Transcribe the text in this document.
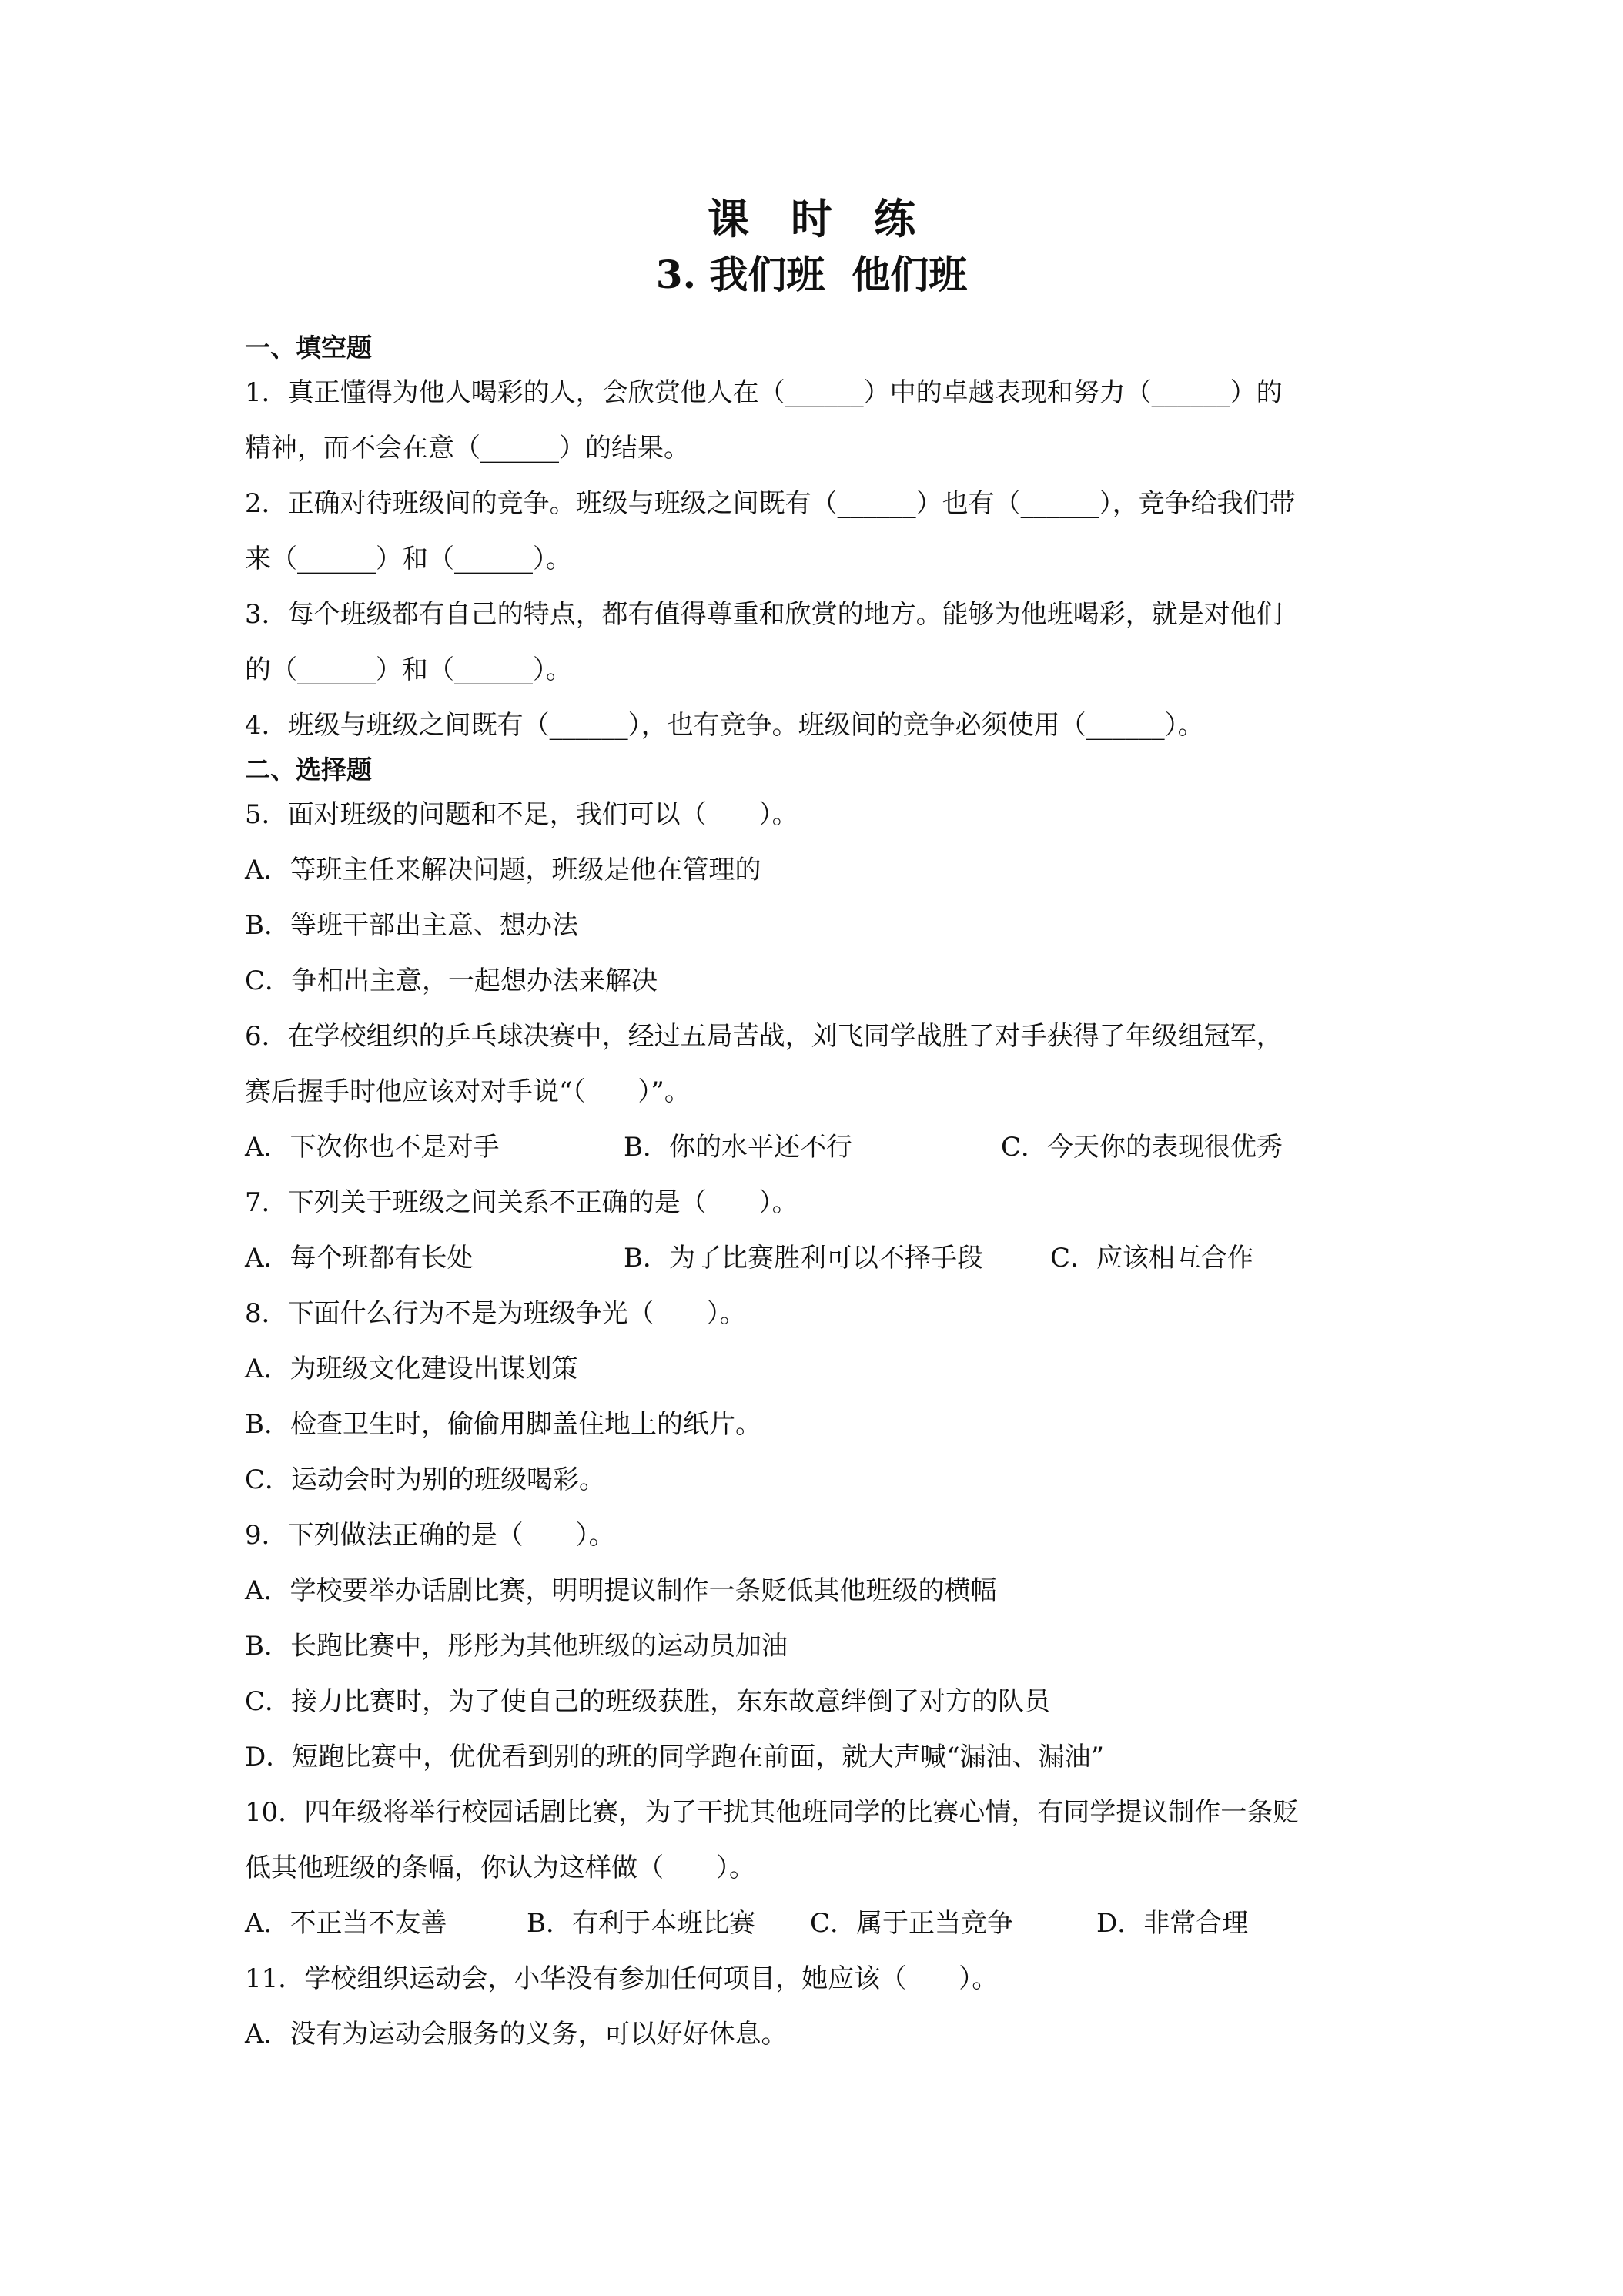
课　时　练
3. 我们班  他们班
一、填空题
1．真正懂得为他人喝彩的人，会欣赏他人在（______）中的卓越表现和努力（______）的
精神，而不会在意（______）的结果。
2．正确对待班级间的竞争。班级与班级之间既有（______）也有（______），竞争给我们带
来（______）和（______）。
3．每个班级都有自己的特点，都有值得尊重和欣赏的地方。能够为他班喝彩，就是对他们
的（______）和（______）。
4．班级与班级之间既有（______），也有竞争。班级间的竞争必须使用（______）。
二、选择题
5．面对班级的问题和不足，我们可以（　　）。
A．等班主任来解决问题，班级是他在管理的
B．等班干部出主意、想办法
C．争相出主意，一起想办法来解决
6．在学校组织的乒乓球决赛中，经过五局苦战，刘飞同学战胜了对手获得了年级组冠军，
赛后握手时他应该对对手说“（　　）”。
A．下次你也不是对手	B．你的水平还不行	C．今天你的表现很优秀
7．下列关于班级之间关系不正确的是（　　）。
A．每个班都有长处	B．为了比赛胜利可以不择手段	C．应该相互合作
8．下面什么行为不是为班级争光（　　）。
A．为班级文化建设出谋划策
B．检查卫生时，偷偷用脚盖住地上的纸片。
C．运动会时为别的班级喝彩。
9．下列做法正确的是（　　）。
A．学校要举办话剧比赛，明明提议制作一条贬低其他班级的横幅
B．长跑比赛中，彤彤为其他班级的运动员加油
C．接力比赛时，为了使自己的班级获胜，东东故意绊倒了对方的队员
D．短跑比赛中，优优看到别的班的同学跑在前面，就大声喊“漏油、漏油”
10．四年级将举行校园话剧比赛，为了干扰其他班同学的比赛心情，有同学提议制作一条贬
低其他班级的条幅，你认为这样做（　　）。
A．不正当不友善	B．有利于本班比赛 C．属于正当竞争	D．非常合理
11．学校组织运动会，小华没有参加任何项目，她应该（　　）。
A．没有为运动会服务的义务，可以好好休息。
